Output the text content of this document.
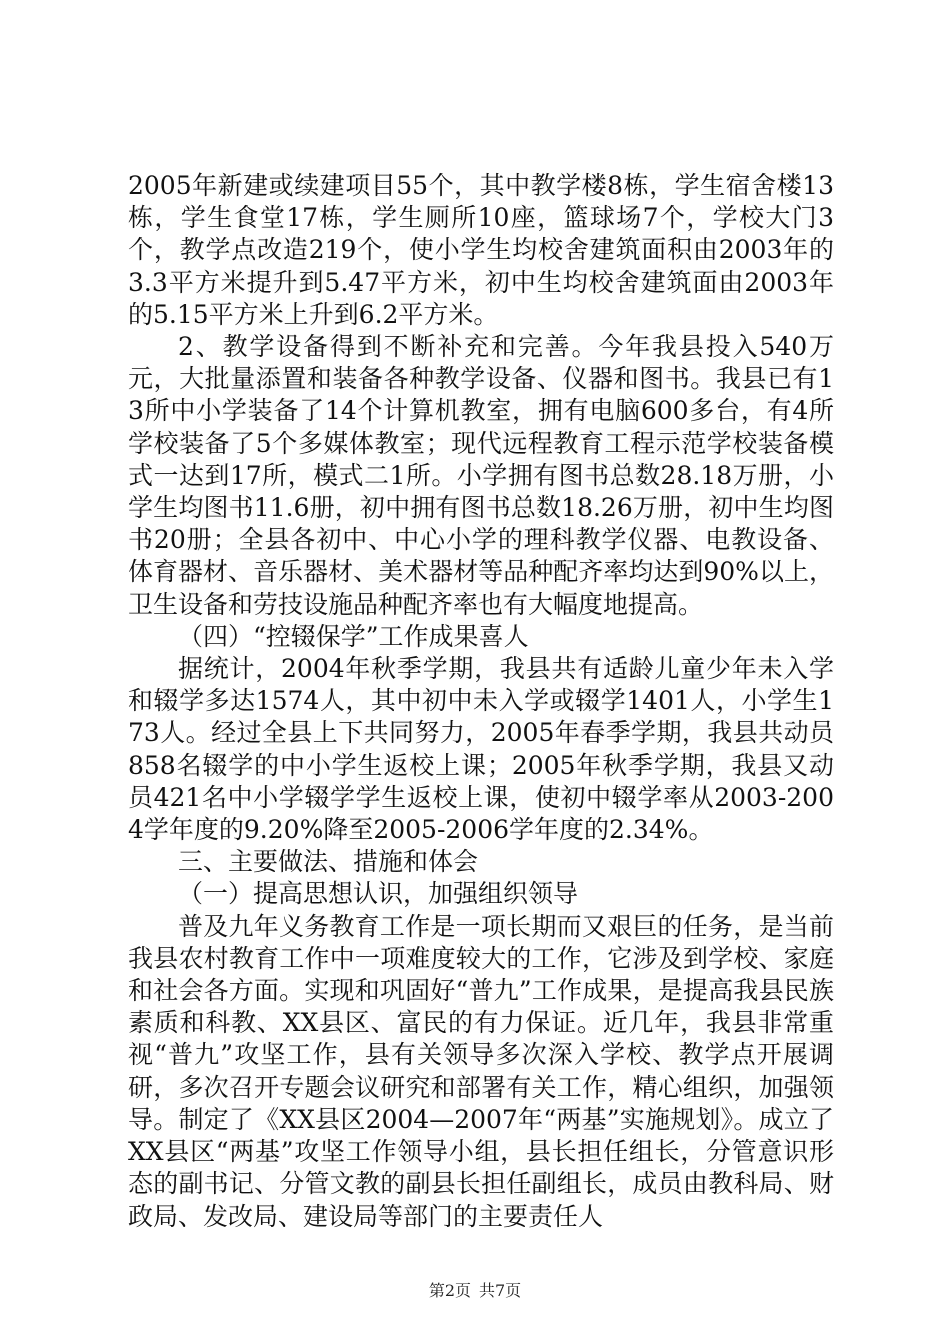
2005年新建或续建项目55个，其中教学楼8栋，学生宿舍楼13栋，学生食堂17栋，学生厕所10座，篮球场7个，学校大门3个，教学点改造219个，使小学生均校舍建筑面积由2003年的3.3平方米提升到5.47平方米，初中生均校舍建筑面由2003年的5.15平方米上升到6.2平方米。

2、教学设备得到不断补充和完善。今年我县投入540万元，大批量添置和装备各种教学设备、仪器和图书。我县已有13所中小学装备了14个计算机教室，拥有电脑600多台，有4所学校装备了5个多媒体教室；现代远程教育工程示范学校装备模式一达到17所，模式二1所。小学拥有图书总数28.18万册，小学生均图书11.6册，初中拥有图书总数18.26万册，初中生均图书20册；全县各初中、中心小学的理科教学仪器、电教设备、体育器材、音乐器材、美术器材等品种配齐率均达到90%以上，卫生设备和劳技设施品种配齐率也有大幅度地提高。

（四）“控辍保学”工作成果喜人

据统计，2004年秋季学期，我县共有适龄儿童少年未入学和辍学多达1574人，其中初中未入学或辍学1401人，小学生173人。经过全县上下共同努力，2005年春季学期，我县共动员858名辍学的中小学生返校上课；2005年秋季学期，我县又动员421名中小学辍学学生返校上课，使初中辍学率从2003-2004学年度的9.20%降至2005-2006学年度的2.34%。

三、主要做法、措施和体会

（一）提高思想认识，加强组织领导

普及九年义务教育工作是一项长期而又艰巨的任务，是当前我县农村教育工作中一项难度较大的工作，它涉及到学校、家庭和社会各方面。实现和巩固好“普九”工作成果，是提高我县民族素质和科教、XX县区、富民的有力保证。近几年，我县非常重视“普九”攻坚工作，县有关领导多次深入学校、教学点开展调研，多次召开专题会议研究和部署有关工作，精心组织，加强领导。制定了《XX县区2004—2007年“两基”实施规划》。成立了XX县区“两基”攻坚工作领导小组，县长担任组长，分管意识形态的副书记、分管文教的副县长担任副组长，成员由教科局、财政局、发改局、建设局等部门的主要责任人

第2页 共7页
